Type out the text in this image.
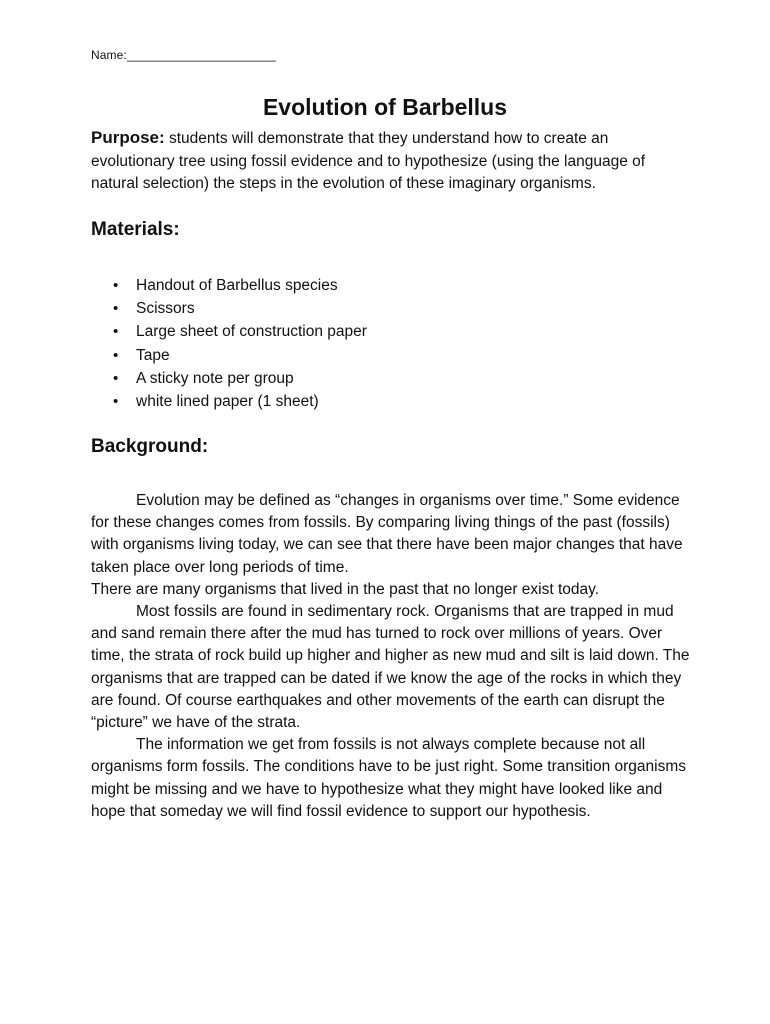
Name:______________________
Evolution of Barbellus

Purpose: students will demonstrate that they understand how to create an evolutionary tree using fossil evidence and to hypothesize (using the language of natural selection) the steps in the evolution of these imaginary organisms.

Materials:
• Handout of Barbellus species
• Scissors
• Large sheet of construction paper
• Tape
• A sticky note per group
• white lined paper (1 sheet)
Background:

Evolution may be defined as “changes in organisms over time.” Some evidence for these changes comes from fossils. By comparing living things of the past (fossils) with organisms living today, we can see that there have been major changes that have taken place over long periods of time.

There are many organisms that lived in the past that no longer exist today.

Most fossils are found in sedimentary rock. Organisms that are trapped in mud and sand remain there after the mud has turned to rock over millions of years. Over time, the strata of rock build up higher and higher as new mud and silt is laid down. The organisms that are trapped can be dated if we know the age of the rocks in which they are found. Of course earthquakes and other movements of the earth can disrupt the “picture” we have of the strata.

The information we get from fossils is not always complete because not all organisms form fossils. The conditions have to be just right. Some transition organisms might be missing and we have to hypothesize what they might have looked like and hope that someday we will find fossil evidence to support our hypothesis.
